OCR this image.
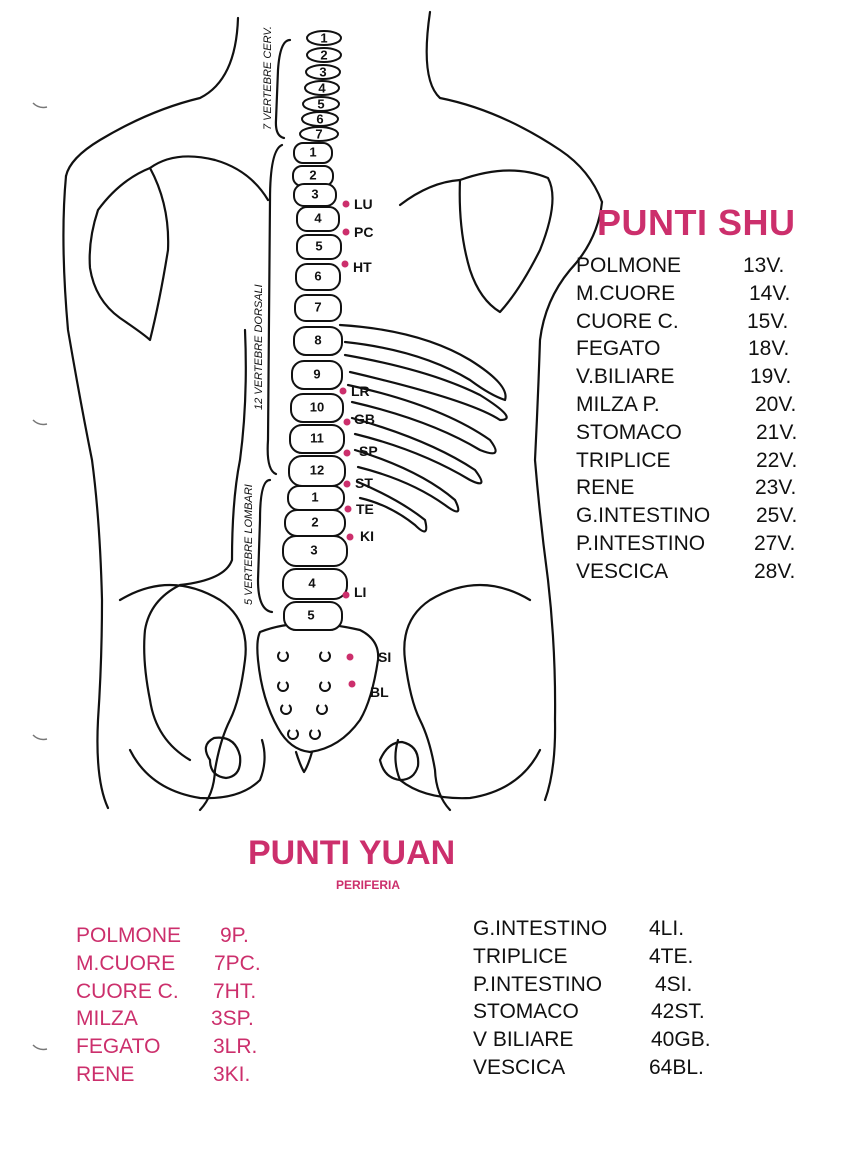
7 VERTEBRE CERV.
12 VERTEBRE DORSALI
5 VERTEBRE LOMBARI
1
2
3
4
5
6
7
1
2
3
4
5
6
7
8
9
10
11
12
1
2
3
4
5
LU
PC
HT
LR
GB
SP
ST
TE
KI
LI
SI
BL
PUNTI SHU
POLMONE	13V.
M.CUORE	14V.
CUORE C.	15V.
FEGATO	18V.
V.BILIARE	19V.
MILZA P.	20V.
STOMACO	21V.
TRIPLICE	22V.
RENE	23V.
G.INTESTINO 25V.
P.INTESTINO 27V.
VESCICA	28V.
PUNTI YUAN
PERIFERIA
POLMONE 9P.
M.CUORE 7PC.
CUORE C. 7HT.
MILZA	3SP.
FEGATO	3LR.
RENE	3KI.
G.INTESTINO 4LI.
TRIPLICE	4TE.
P.INTESTINO	4SI.
STOMACO	42ST.
V BILIARE	40GB.
VESCICA	64BL.
